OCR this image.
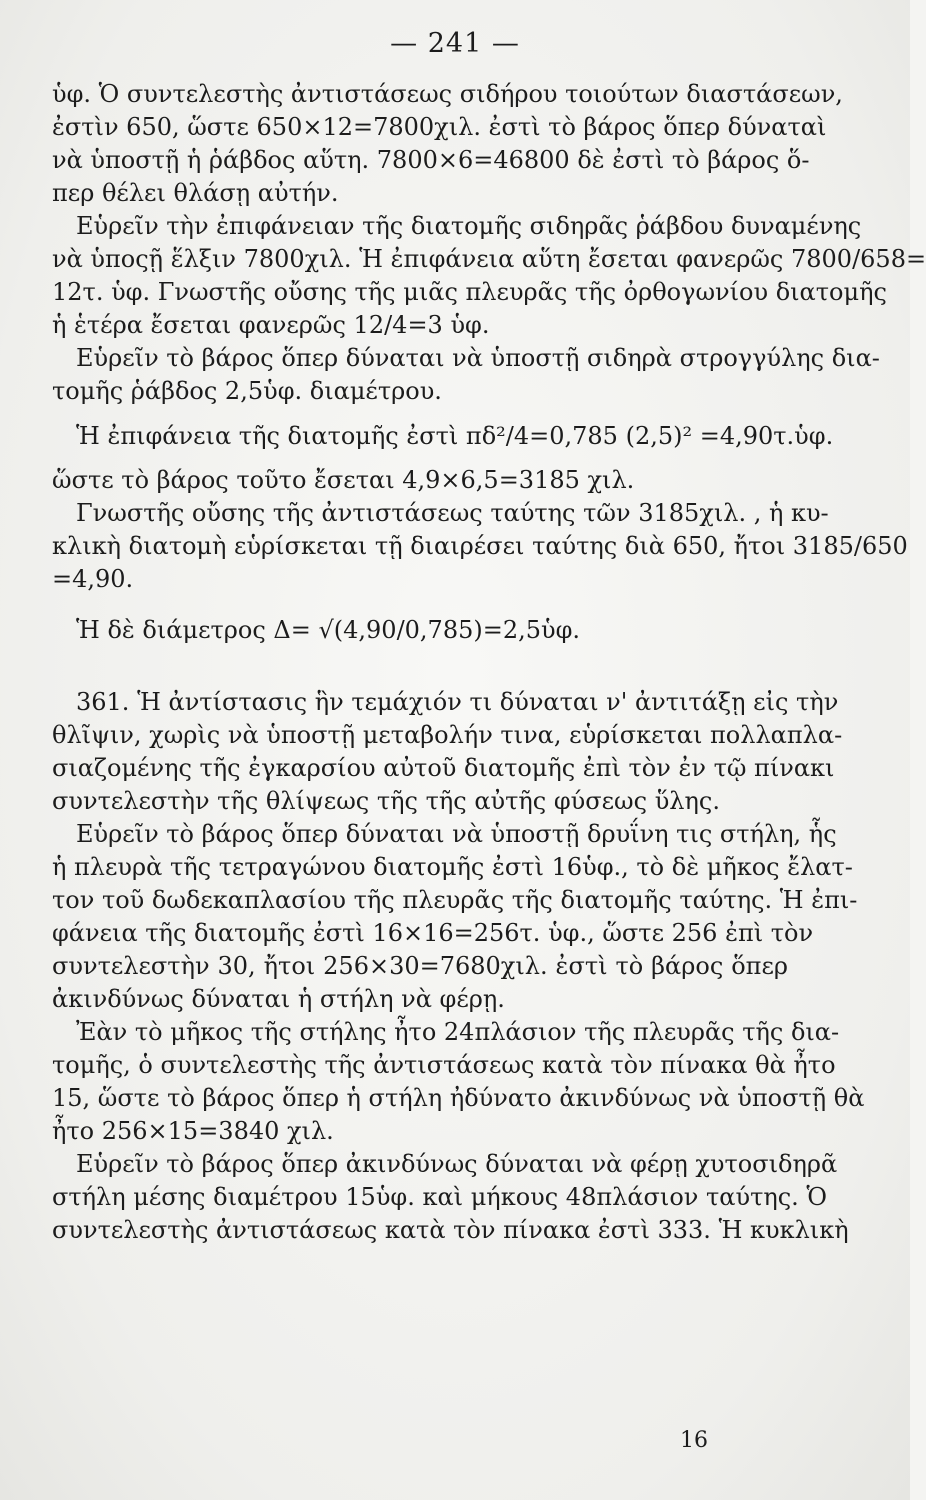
— 241 —
ὑφ. Ὁ συντελεστὴς ἀντιστάσεως σιδήρου τοιούτων διαστάσεων,
ἐστὶν 650, ὥστε 650×12=7800χιλ. ἐστὶ τὸ βάρος ὅπερ δύναταὶ
νὰ ὑποστῇ ἡ ῥάβδος αὕτη. 7800×6=46800 δὲ ἐστὶ τὸ βάρος ὅ-
περ θέλει θλάσῃ αὐτήν.
Εὑρεῖν τὴν ἐπιφάνειαν τῆς διατομῆς σιδηρᾶς ῥάβδου δυναμένης
νὰ ὑποςῇ ἕλξιν 7800χιλ. Ἡ ἐπιφάνεια αὕτη ἔσεται φανερῶς 7800/658=
12τ. ὑφ. Γνωστῆς οὔσης τῆς μιᾶς πλευρᾶς τῆς ὀρθογωνίου διατομῆς
ἡ ἑτέρα ἔσεται φανερῶς 12/4=3 ὑφ.
Εὑρεῖν τὸ βάρος ὅπερ δύναται νὰ ὑποστῇ σιδηρὰ στρογγύλης δια-
τομῆς ῥάβδος 2,5ὑφ. διαμέτρου.
Ἡ ἐπιφάνεια τῆς διατομῆς ἐστὶ πδ²/4=0,785 (2,5)² =4,90τ.ὑφ.
ὥστε τὸ βάρος τοῦτο ἔσεται 4,9×6,5=3185 χιλ.
Γνωστῆς οὔσης τῆς ἀντιστάσεως ταύτης τῶν 3185χιλ. , ἡ κυ-
κλικὴ διατομὴ εὑρίσκεται τῇ διαιρέσει ταύτης διὰ 650, ἤτοι 3185/650
=4,90.
Ἡ δὲ διάμετρος Δ= √(4,90/0,785)=2,5ὑφ.
361. Ἡ ἀντίστασις ἣν τεμάχιόν τι δύναται ν' ἀντιτάξῃ εἰς τὴν
θλῖψιν, χωρὶς νὰ ὑποστῇ μεταβολήν τινα, εὑρίσκεται πολλαπλα-
σιαζομένης τῆς ἐγκαρσίου αὐτοῦ διατομῆς ἐπὶ τὸν ἐν τῷ πίνακι
συντελεστὴν τῆς θλίψεως τῆς τῆς αὐτῆς φύσεως ὕλης.
Εὑρεῖν τὸ βάρος ὅπερ δύναται νὰ ὑποστῇ δρυΐνη τις στήλη, ἧς
ἡ πλευρὰ τῆς τετραγώνου διατομῆς ἐστὶ 16ὑφ., τὸ δὲ μῆκος ἔλατ-
τον τοῦ δωδεκαπλασίου τῆς πλευρᾶς τῆς διατομῆς ταύτης. Ἡ ἐπι-
φάνεια τῆς διατομῆς ἐστὶ 16×16=256τ. ὑφ., ὥστε 256 ἐπὶ τὸν
συντελεστὴν 30, ἤτοι 256×30=7680χιλ. ἐστὶ τὸ βάρος ὅπερ
ἀκινδύνως δύναται ἡ στήλη νὰ φέρῃ.
Ἐὰν τὸ μῆκος τῆς στήλης ἦτο 24πλάσιον τῆς πλευρᾶς τῆς δια-
τομῆς, ὁ συντελεστὴς τῆς ἀντιστάσεως κατὰ τὸν πίνακα θὰ ἦτο
15, ὥστε τὸ βάρος ὅπερ ἡ στήλη ἠδύνατο ἀκινδύνως νὰ ὑποστῇ θὰ
ἦτο 256×15=3840 χιλ.
Εὑρεῖν τὸ βάρος ὅπερ ἀκινδύνως δύναται νὰ φέρῃ χυτοσιδηρᾶ
στήλη μέσης διαμέτρου 15ὑφ. καὶ μήκους 48πλάσιον ταύτης. Ὁ
συντελεστὴς ἀντιστάσεως κατὰ τὸν πίνακα ἐστὶ 333. Ἡ κυκλικὴ
16
